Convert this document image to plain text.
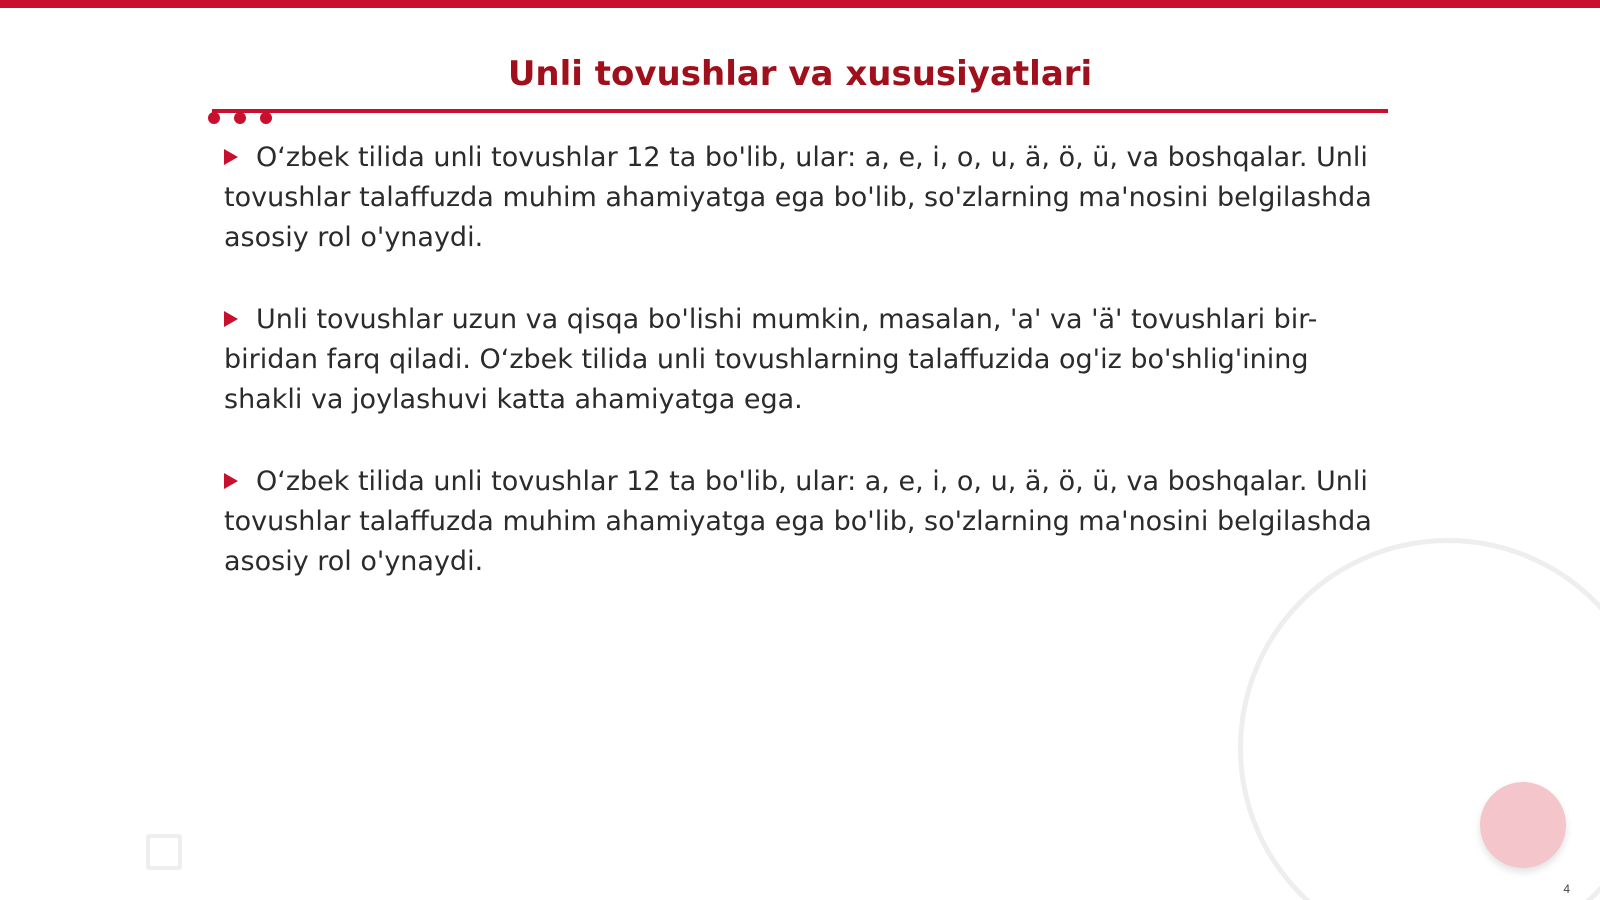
Unli tovushlar va xususiyatlari
Oʻzbek tilida unli tovushlar 12 ta bo'lib, ular: a, e, i, o, u, ä, ö, ü, va boshqalar. Unli tovushlar talaffuzda muhim ahamiyatga ega bo'lib, so'zlarning ma'nosini belgilashda asosiy rol o'ynaydi.
Unli tovushlar uzun va qisqa bo'lishi mumkin, masalan, 'a' va 'ä' tovushlari bir-biridan farq qiladi. Oʻzbek tilida unli tovushlarning talaffuzida og'iz bo'shlig'ining shakli va joylashuvi katta ahamiyatga ega.
Oʻzbek tilida unli tovushlar 12 ta bo'lib, ular: a, e, i, o, u, ä, ö, ü, va boshqalar. Unli tovushlar talaffuzda muhim ahamiyatga ega bo'lib, so'zlarning ma'nosini belgilashda asosiy rol o'ynaydi.
4
